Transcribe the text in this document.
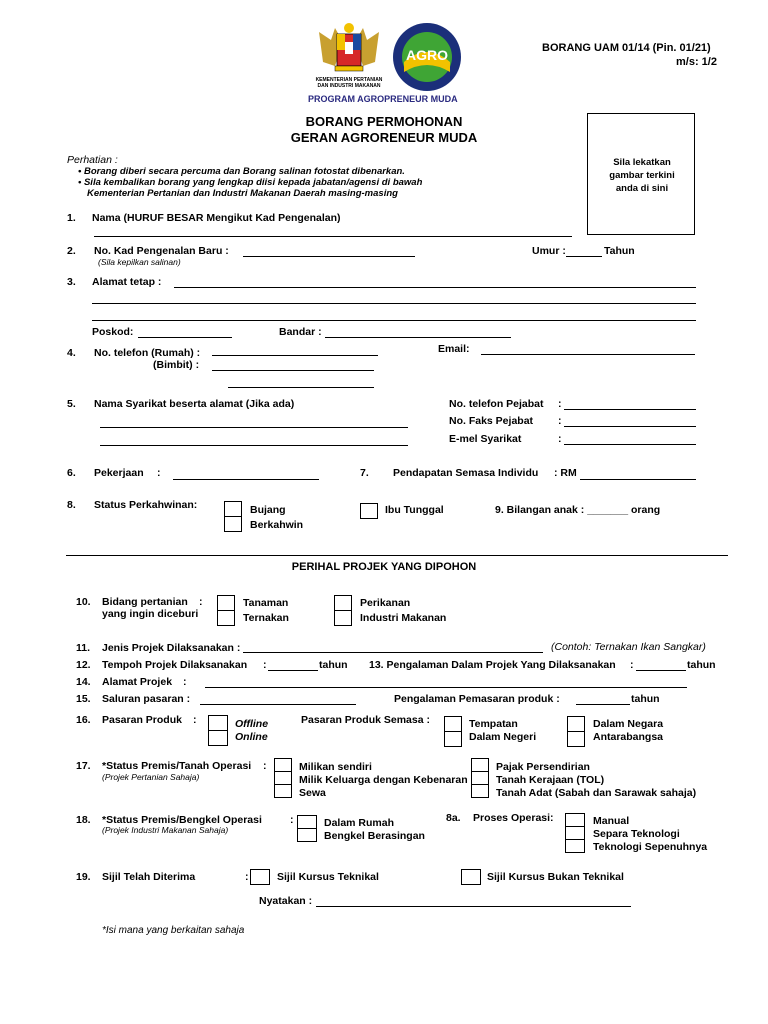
KEMENTERIAN PERTANIAN DAN INDUSTRI MAKANAN
AGRO
PROGRAM AGROPRENEUR MUDA
BORANG UAM 01/14 (Pin. 01/21)
m/s: 1/2
BORANG PERMOHONAN
GERAN AGRORENEUR MUDA
Sila lekatkan gambar terkini anda di sini
Perhatian :
• Borang diberi secara percuma dan Borang salinan fotostat dibenarkan.
• Sila kembalikan borang yang lengkap diisi kepada jabatan/agensi di bawah
Kementerian Pertanian dan Industri Makanan Daerah masing-masing
1. Nama (HURUF BESAR Mengikut Kad Pengenalan)
2. No. Kad Pengenalan Baru :
(Sila kepilkan salinan)
Umur :	Tahun
3. Alamat tetap :
Poskod:	Bandar :
4. No. telefon (Rumah) :
(Bimbit) :
Email:
5. Nama Syarikat beserta alamat (Jika ada)	No. telefon Pejabat :
No. Faks Pejabat :
E-mel Syarikat	:
6. Pekerjaan :	7. Pendapatan Semasa Individu : RM
8. Status Perkahwinan:	Bujang
Berkahwin
Ibu Tunggal	9. Bilangan anak : _______ orang
PERIHAL PROJEK YANG DIPOHON
10. Bidang pertanian :
yang ingin diceburi
Tanaman
Ternakan
Perikanan
Industri Makanan
11. Jenis Projek Dilaksanakan :	(Contoh: Ternakan Ikan Sangkar)
12. Tempoh Projek Dilaksanakan :	tahun 13. Pengalaman Dalam Projek Yang Dilaksanakan :	tahun
14. Alamat Projek :
15. Saluran pasaran :	Pengalaman Pemasaran produk :	tahun
16. Pasaran Produk :	Offline
Online
Pasaran Produk Semasa :	Tempatan
Dalam Negeri
Dalam Negara
Antarabangsa
17. *Status Premis/Tanah Operasi :
(Projek Pertanian Sahaja)
Milikan sendiri
Milik Keluarga dengan Kebenaran
Sewa
Pajak Persendirian
Tanah Kerajaan (TOL)
Tanah Adat (Sabah dan Sarawak sahaja)
18. *Status Premis/Bengkel Operasi	:
(Projek Industri Makanan Sahaja)
Dalam Rumah
Bengkel Berasingan
8a. Proses Operasi:	Manual
Separa Teknologi
Teknologi Sepenuhnya
19. Sijil Telah Diterima	:	Sijil Kursus Teknikal	Sijil Kursus Bukan Teknikal
Nyatakan :
*Isi mana yang berkaitan sahaja
